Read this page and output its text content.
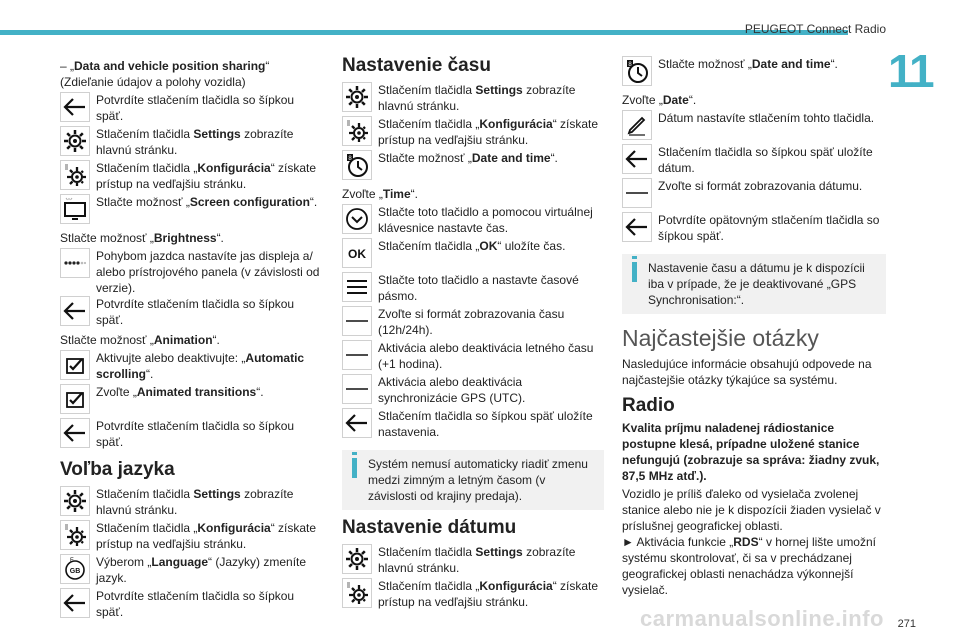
PEUGEOT Connect Radio
11
carmanualsonline.info 271

– „Data and vehicle position sharing“ (Zdieľanie údajov a polohy vozidla)

Potvrdíte stlačením tlačidla so šípkou späť.
Stlačením tlačidla Settings zobrazíte hlavnú stránku.
Stlačením tlačidla „Konfigurácia“ získate prístup na vedľajšiu stránku.
Stlačte možnosť „Screen configuration“.

Stlačte možnosť „Brightness“.

Pohybom jazdca nastavíte jas displeja a/ alebo prístrojového panela (v závislosti od verzie).
Potvrdíte stlačením tlačidla so šípkou späť.

Stlačte možnosť „Animation“.

Aktivujte alebo deaktivujte: „Automatic scrolling“.
Zvoľte „Animated transitions“.
Potvrdíte stlačením tlačidla so šípkou späť.
Voľba jazyka
Stlačením tlačidla Settings zobrazíte hlavnú stránku.
Stlačením tlačidla „Konfigurácia“ získate prístup na vedľajšiu stránku.
GB
F Výberom „Language“ (Jazyky) zmeníte jazyk.
Potvrdíte stlačením tlačidla so šípkou späť.
Nastavenie času
Stlačením tlačidla Settings zobrazíte hlavnú stránku.
Stlačením tlačidla „Konfigurácia“ získate prístup na vedľajšiu stránku.
8 Stlačte možnosť „Date and time“.

Zvoľte „Time“.

Stlačte toto tlačidlo a pomocou virtuálnej klávesnice nastavte čas.
OK
Stlačením tlačidla „OK“ uložíte čas.
Stlačte toto tlačidlo a nastavte časové pásmo.
Zvoľte si formát zobrazovania času (12h/24h).
Aktivácia alebo deaktivácia letného času (+1 hodina).
Aktivácia alebo deaktivácia synchronizácie GPS (UTC).
Stlačením tlačidla so šípkou späť uložíte nastavenia.
Systém nemusí automaticky riadiť zmenu medzi zimným a letným časom (v závislosti od krajiny predaja).
Nastavenie dátumu
Stlačením tlačidla Settings zobrazíte hlavnú stránku.
Stlačením tlačidla „Konfigurácia“ získate prístup na vedľajšiu stránku.
8 Stlačte možnosť „Date and time“.

Zvoľte „Date“.

Dátum nastavíte stlačením tohto tlačidla.
Stlačením tlačidla so šípkou späť uložíte dátum.
Zvoľte si formát zobrazovania dátumu.
Potvrdíte opätovným stlačením tlačidla so šípkou späť.
Nastavenie času a dátumu je k dispozícii iba v prípade, že je deaktivované „GPS Synchronisation:“.
Najčastejšie otázky

Nasledujúce informácie obsahujú odpovede na najčastejšie otázky týkajúce sa systému.

Radio

Kvalita príjmu naladenej rádiostanice postupne klesá, prípadne uložené stanice nefungujú (zobrazuje sa správa: žiadny zvuk, 87,5 MHz atď.).

Vozidlo je príliš ďaleko od vysielača zvolenej stanice alebo nie je k dispozícii žiaden vysielač v príslušnej geografickej oblasti.

► Aktivácia funkcie „RDS“ v hornej lište umožní systému skontrolovať, či sa v prechádzanej geografickej oblasti nenachádza výkonnejší vysielač.
